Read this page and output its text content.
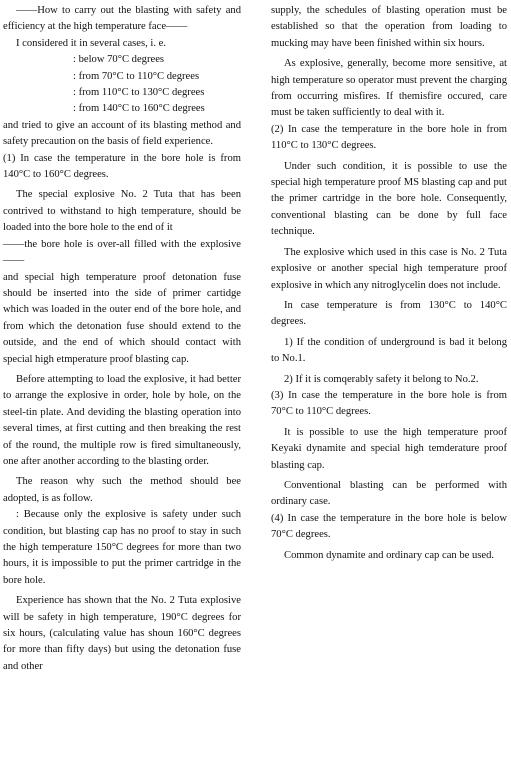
——How to carry out the blasting with safety and efficiency at the high temperature face——

I considered it in several cases, i. e.

: below 70°C degrees
: from 70°C to 110°C degrees
: from 110°C to 130°C degrees
: from 140°C to 160°C degrees

and tried to give an account of its blasting method and safety precaution on the basis of field experience.

(1) In case the temperature in the bore hole is from 140°C to 160°C degrees.

The special explosive No. 2 Tuta that has been contrived to withstand to high temperature, should be loaded into the bore hole to the end of it

——the bore hole is over-all filled with the explosive——

and special high temperature proof detonation fuse should be inserted into the side of primer cartidge which was loaded in the outer end of the bore hole, and from which the detonation fuse should extend to the outside, and the end of which should contact with special high etmperature proof blasting cap.

Before attempting to load the explosive, it had better to arrange the explosive in order, hole by hole, on the steel-tin plate. And deviding the blasting operation into several times, at first cutting and then breaking the rest of the round, the multiple row is fired simultaneously, one after another according to the blasting order.

The reason why such the method should bee adopted, is as follow.

: Because only the explosive is safety under such condition, but blasting cap has no proof to stay in such the high temperature 150°C degrees for more than two hours, it is impossible to put the primer cartridge in the bore hole.

Experience has shown that the No. 2 Tuta explosive will be safety in high temperature, 190°C degrees for six hours, (calculating value has shoun 160°C degrees for more than fifty days) but using the detonation fuse and other

supply, the schedules of blasting operation must be established so that the operation from loading to mucking may have been finished within six hours.

As explosive, generally, become more sensitive, at high temperature so operator must prevent the charging from occurring misfires. If themisfire occured, care must be taken sufficiently to deal with it.

(2) In case the temperature in the bore hole in from 110°C to 130°C degrees.

Under such condition, it is possible to use the special high temperature proof MS blasting cap and put the primer cartridge in the bore hole. Consequently, conventional blasting can be done by full face technique.

The explosive which used in this case is No. 2 Tuta explosive or another special high temperature proof explosive in which any nitroglycelin does not include.

In case temperature is from 130°C to 140°C degrees.

1) If the condition of underground is bad it belong to No.1.

2) If it is comqerably safety it belong to No.2.

(3) In case the temperature in the bore hole is from 70°C to 110°C degrees.

It is possible to use the high temperature proof Keyaki dynamite and special high temderature proof blasting cap.

Conventional blasting can be performed with ordinary case.

(4) In case the temperature in the bore hole is below 70°C degrees.

Common dynamite and ordinary cap can be used.
